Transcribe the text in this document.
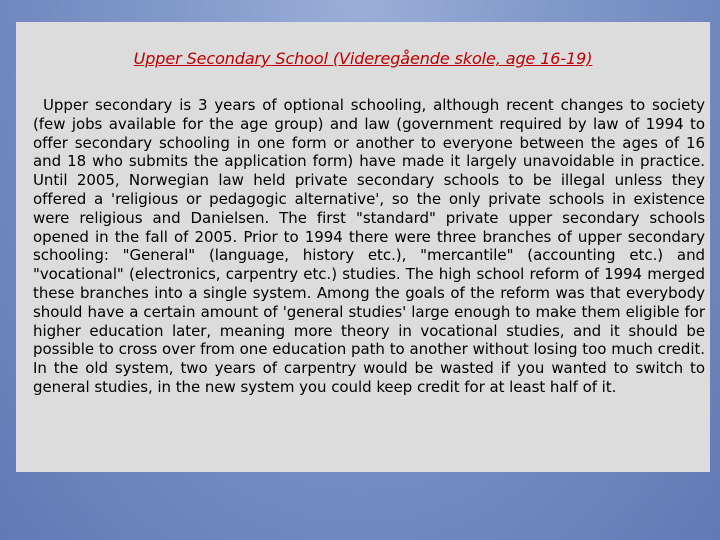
Upper Secondary School (Videregående skole, age 16-19)
Upper secondary is 3 years of optional schooling, although recent changes to society (few jobs available for the age group) and law (government required by law of 1994 to offer secondary schooling in one form or another to everyone between the ages of 16 and 18 who submits the application form) have made it largely unavoidable in practice. Until 2005, Norwegian law held private secondary schools to be illegal unless they offered a 'religious or pedagogic alternative', so the only private schools in existence were religious and Danielsen. The first "standard" private upper secondary schools opened in the fall of 2005. Prior to 1994 there were three branches of upper secondary schooling: "General" (language, history etc.), "mercantile" (accounting etc.) and "vocational" (electronics, carpentry etc.) studies. The high school reform of 1994 merged these branches into a single system. Among the goals of the reform was that everybody should have a certain amount of 'general studies' large enough to make them eligible for higher education later, meaning more theory in vocational studies, and it should be possible to cross over from one education path to another without losing too much credit. In the old system, two years of carpentry would be wasted if you wanted to switch to general studies, in the new system you could keep credit for at least half of it.
